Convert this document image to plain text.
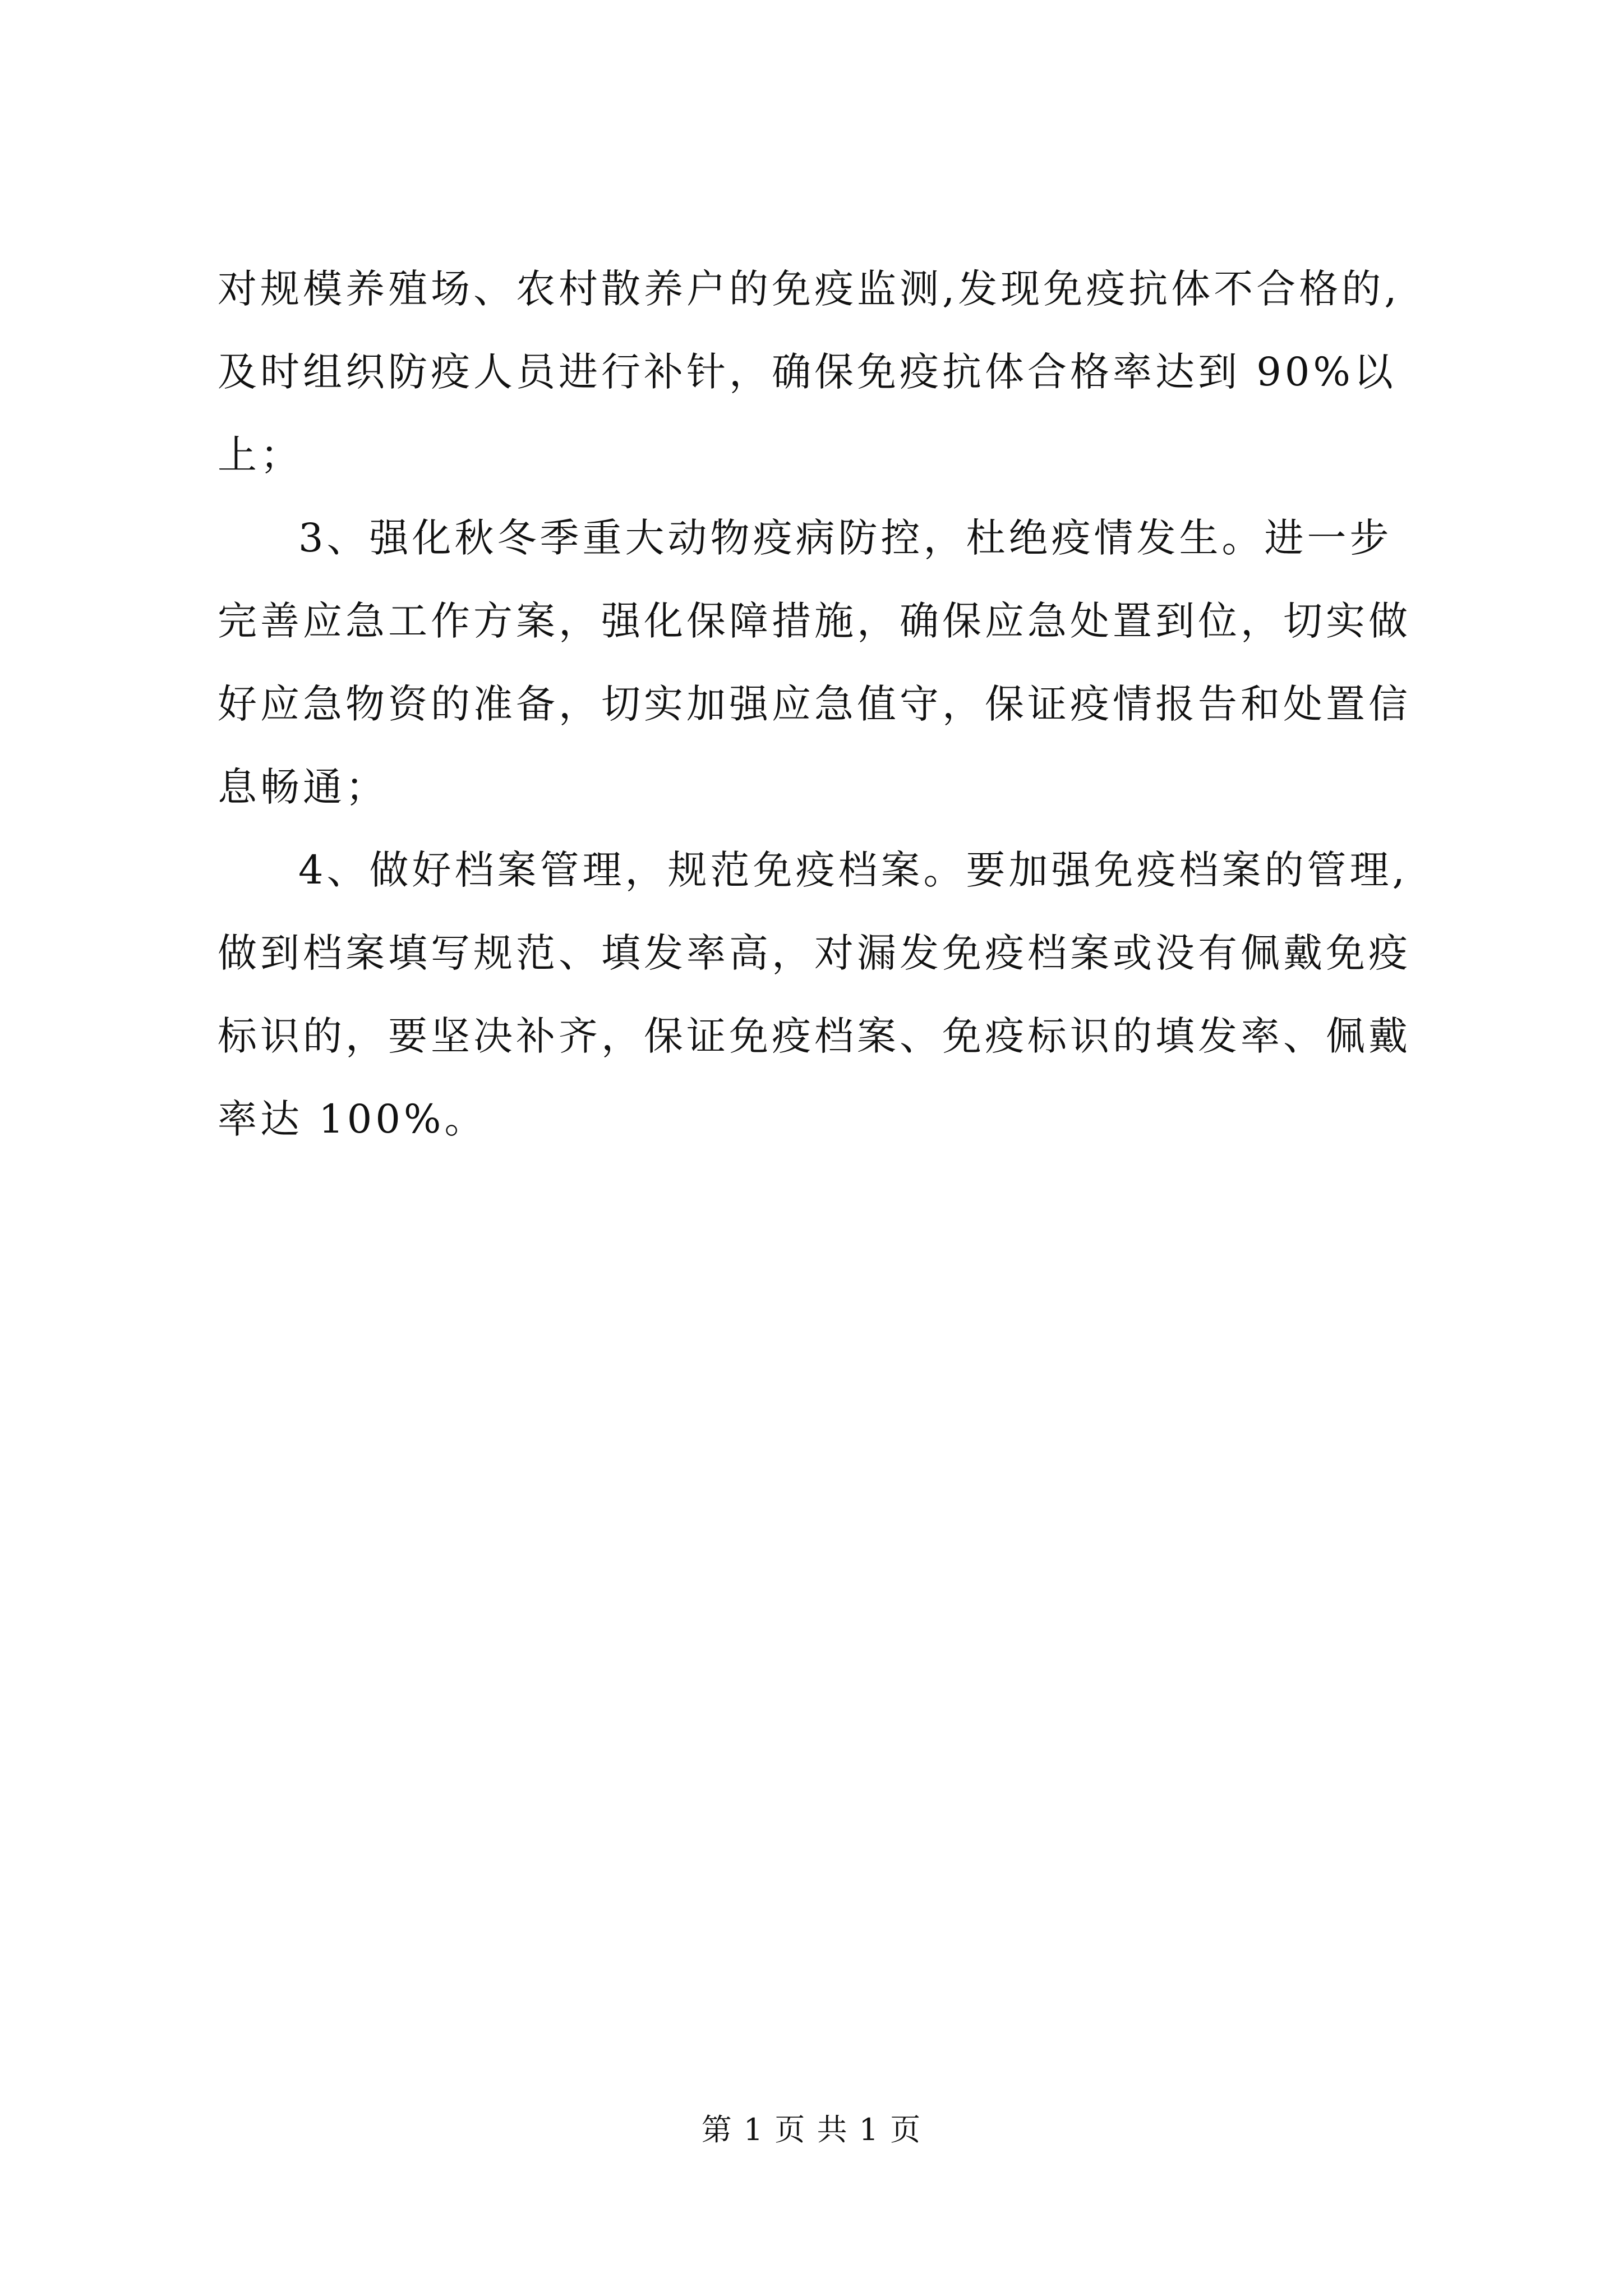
对规模养殖场、农村散养户的免疫监测,发现免疫抗体不合格的,
及时组织防疫人员进行补针，确保免疫抗体合格率达到 90%以
上；
3、强化秋冬季重大动物疫病防控，杜绝疫情发生。进一步
完善应急工作方案，强化保障措施，确保应急处置到位，切实做
好应急物资的准备，切实加强应急值守，保证疫情报告和处置信
息畅通；
4、做好档案管理，规范免疫档案。要加强免疫档案的管理,
做到档案填写规范、填发率高，对漏发免疫档案或没有佩戴免疫
标识的，要坚决补齐，保证免疫档案、免疫标识的填发率、佩戴
率达 100%。
第 1 页 共 1 页
